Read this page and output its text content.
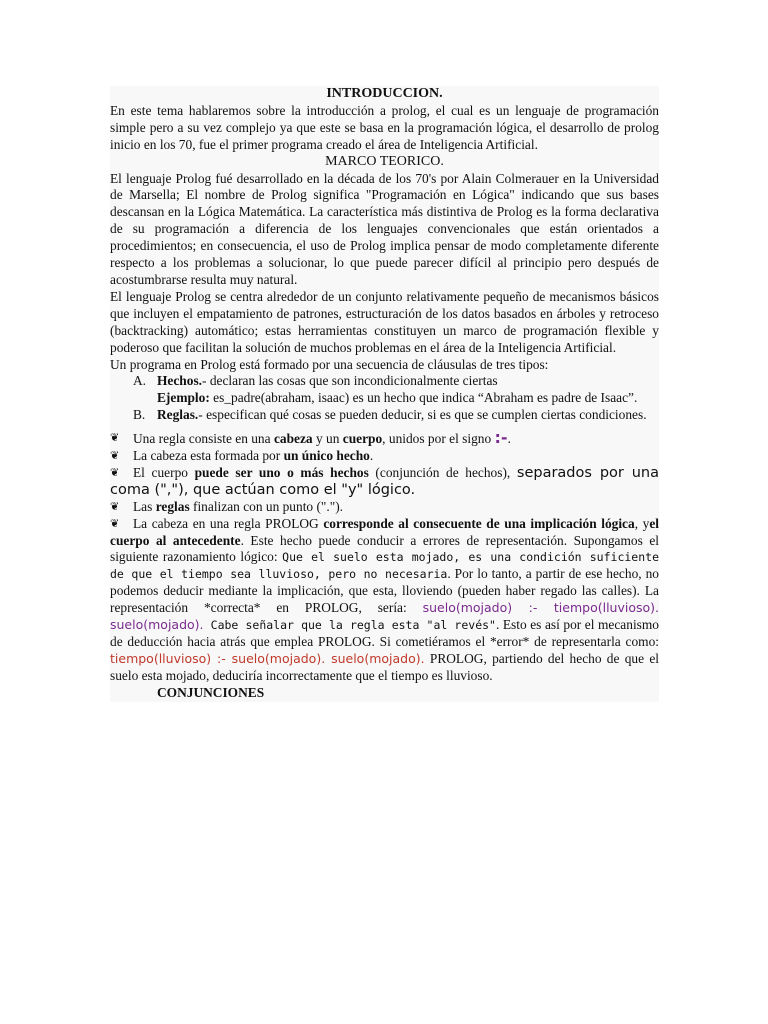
INTRODUCCION.

En este tema hablaremos sobre la introducción a prolog, el cual es un lenguaje de programación simple pero a su vez complejo ya que este se basa en la programación lógica, el desarrollo de prolog inicio en los 70, fue el primer programa creado el área de Inteligencia Artificial.

MARCO TEORICO.

El lenguaje Prolog fué desarrollado en la década de los 70's por Alain Colmerauer en la Universidad de Marsella; El nombre de Prolog significa "Programación en Lógica" indicando que sus bases descansan en la Lógica Matemática. La característica más distintiva de Prolog es la forma declarativa de su programación a diferencia de los lenguajes convencionales que están orientados a procedimientos; en consecuencia, el uso de Prolog implica pensar de modo completamente diferente respecto a los problemas a solucionar, lo que puede parecer difícil al principio pero después de acostumbrarse resulta muy natural.

El lenguaje Prolog se centra alrededor de un conjunto relativamente pequeño de mecanismos básicos que incluyen el empatamiento de patrones, estructuración de los datos basados en árboles y retroceso (backtracking) automático; estas herramientas constituyen un marco de programación flexible y poderoso que facilitan la solución de muchos problemas en el área de la Inteligencia Artificial.

Un programa en Prolog está formado por una secuencia de cláusulas de tres tipos:

A. Hechos.- declaran las cosas que son incondicionalmente ciertas
Ejemplo: es_padre(abraham, isaac) es un hecho que indica “Abraham es padre de Isaac”.
B. Reglas.- especifican qué cosas se pueden deducir, si es que se cumplen ciertas condiciones.
❦ Una regla consiste en una cabeza y un cuerpo, unidos por el signo :-.
❦ La cabeza esta formada por un único hecho.
❦ El cuerpo puede ser uno o más hechos (conjunción de hechos), separados por una coma (","), que actúan como el "y" lógico.
❦ Las reglas finalizan con un punto (".").
❦ La cabeza en una regla PROLOG corresponde al consecuente de una implicación lógica, yel cuerpo al antecedente. Este hecho puede conducir a errores de representación. Supongamos el siguiente razonamiento lógico: Que el suelo esta mojado, es una condición suficiente de que el tiempo sea lluvioso, pero no necesaria. Por lo tanto, a partir de ese hecho, no podemos deducir mediante la implicación, que esta, lloviendo (pueden haber regado las calles). La representación *correcta* en PROLOG, sería: suelo(mojado) :- tiempo(lluvioso). suelo(mojado). Cabe señalar que la regla esta "al revés". Esto es así por el mecanismo de deducción hacia atrás que emplea PROLOG. Si cometiéramos el *error* de representarla como: tiempo(lluvioso) :- suelo(mojado). suelo(mojado). PROLOG, partiendo del hecho de que el suelo esta mojado, deduciría incorrectamente que el tiempo es lluvioso.

CONJUNCIONES
